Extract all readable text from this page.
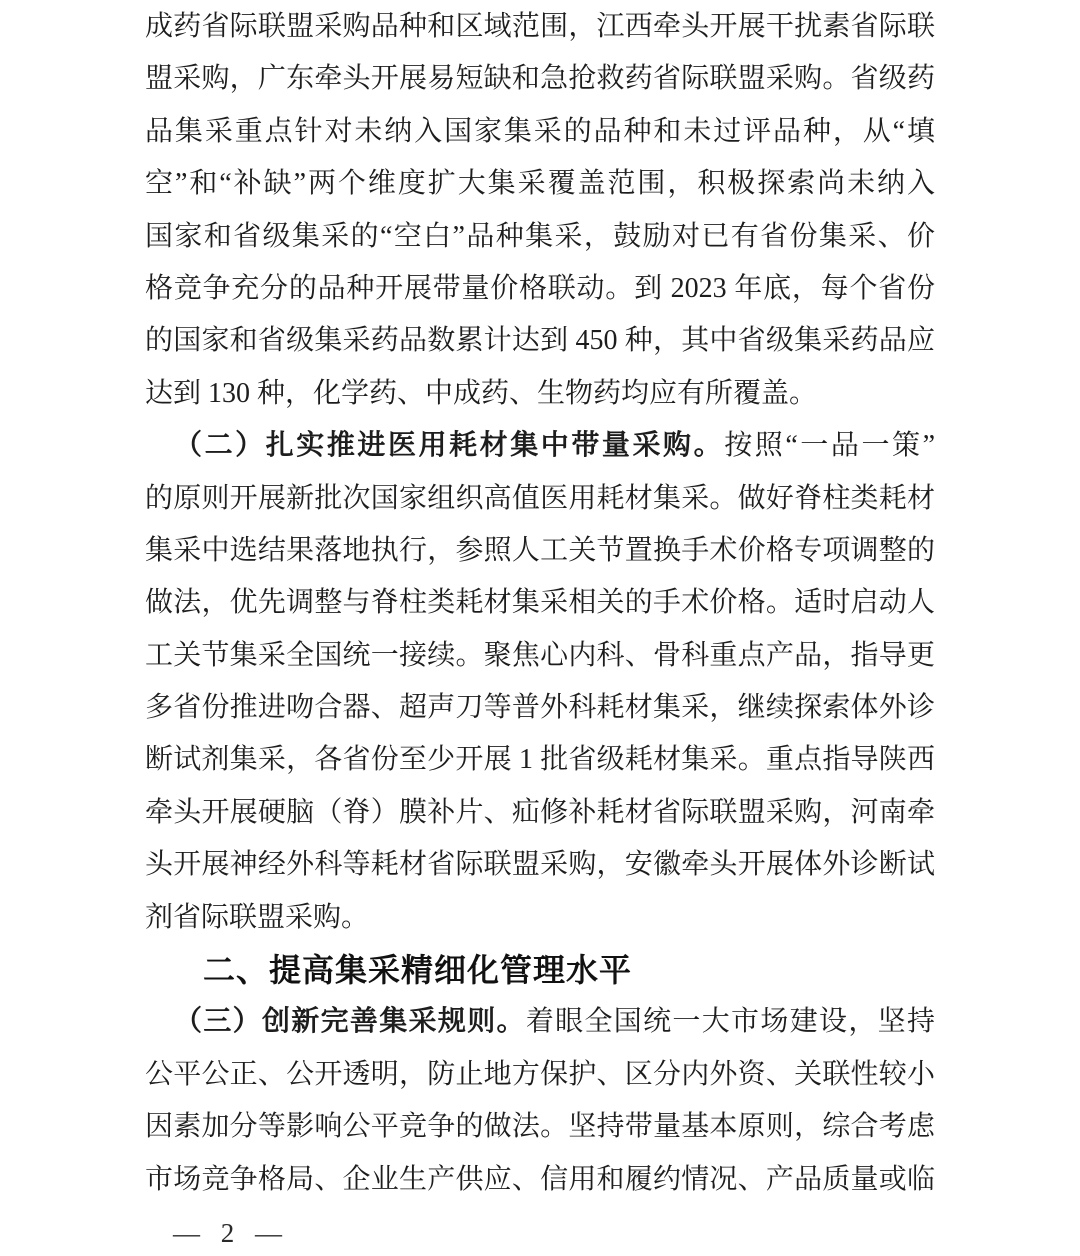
成药省际联盟采购品种和区域范围，江西牵头开展干扰素省际联
盟采购，广东牵头开展易短缺和急抢救药省际联盟采购。省级药
品集采重点针对未纳入国家集采的品种和未过评品种，从“填
空”和“补缺”两个维度扩大集采覆盖范围，积极探索尚未纳入
国家和省级集采的“空白”品种集采，鼓励对已有省份集采、价
格竞争充分的品种开展带量价格联动。到 2023 年底，每个省份
的国家和省级集采药品数累计达到 450 种，其中省级集采药品应
达到 130 种，化学药、中成药、生物药均应有所覆盖。
（二）扎实推进医用耗材集中带量采购。按照“一品一策”
的原则开展新批次国家组织高值医用耗材集采。做好脊柱类耗材
集采中选结果落地执行，参照人工关节置换手术价格专项调整的
做法，优先调整与脊柱类耗材集采相关的手术价格。适时启动人
工关节集采全国统一接续。聚焦心内科、骨科重点产品，指导更
多省份推进吻合器、超声刀等普外科耗材集采，继续探索体外诊
断试剂集采，各省份至少开展 1 批省级耗材集采。重点指导陕西
牵头开展硬脑（脊）膜补片、疝修补耗材省际联盟采购，河南牵
头开展神经外科等耗材省际联盟采购，安徽牵头开展体外诊断试
剂省际联盟采购。
二、提高集采精细化管理水平
（三）创新完善集采规则。着眼全国统一大市场建设，坚持
公平公正、公开透明，防止地方保护、区分内外资、关联性较小
因素加分等影响公平竞争的做法。坚持带量基本原则，综合考虑
市场竞争格局、企业生产供应、信用和履约情况、产品质量或临
— 2 —
